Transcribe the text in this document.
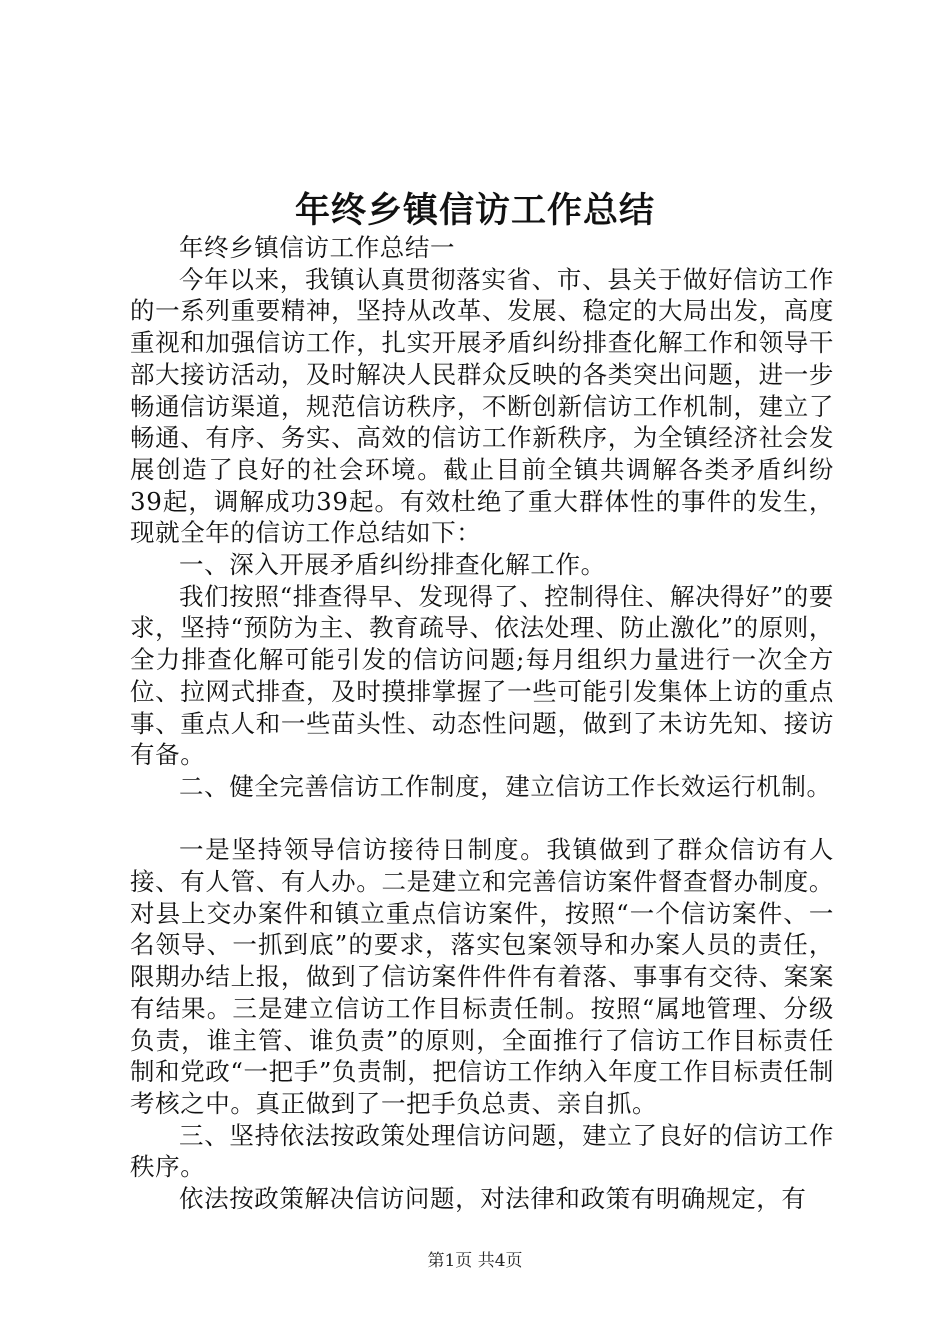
年终乡镇信访工作总结

年终乡镇信访工作总结一

今年以来，我镇认真贯彻落实省、市、县关于做好信访工作的一系列重要精神，坚持从改革、发展、稳定的大局出发，高度重视和加强信访工作，扎实开展矛盾纠纷排查化解工作和领导干部大接访活动，及时解决人民群众反映的各类突出问题，进一步畅通信访渠道，规范信访秩序，不断创新信访工作机制，建立了畅通、有序、务实、高效的信访工作新秩序，为全镇经济社会发展创造了良好的社会环境。截止目前全镇共调解各类矛盾纠纷39起，调解成功39起。有效杜绝了重大群体性的事件的发生，现就全年的信访工作总结如下：

一、深入开展矛盾纠纷排查化解工作。

我们按照“排查得早、发现得了、控制得住、解决得好”的要求，坚持“预防为主、教育疏导、依法处理、防止激化”的原则，全力排查化解可能引发的信访问题;每月组织力量进行一次全方位、拉网式排查，及时摸排掌握了一些可能引发集体上访的重点事、重点人和一些苗头性、动态性问题，做到了未访先知、接访有备。

二、健全完善信访工作制度，建立信访工作长效运行机制。

一是坚持领导信访接待日制度。我镇做到了群众信访有人接、有人管、有人办。二是建立和完善信访案件督查督办制度。对县上交办案件和镇立重点信访案件，按照“一个信访案件、一名领导、一抓到底”的要求，落实包案领导和办案人员的责任，限期办结上报，做到了信访案件件件有着落、事事有交待、案案有结果。三是建立信访工作目标责任制。按照“属地管理、分级负责，谁主管、谁负责”的原则，全面推行了信访工作目标责任制和党政“一把手”负责制，把信访工作纳入年度工作目标责任制考核之中。真正做到了一把手负总责、亲自抓。

三、坚持依法按政策处理信访问题，建立了良好的信访工作秩序。

依法按政策解决信访问题，对法律和政策有明确规定，有

第1页 共4页
